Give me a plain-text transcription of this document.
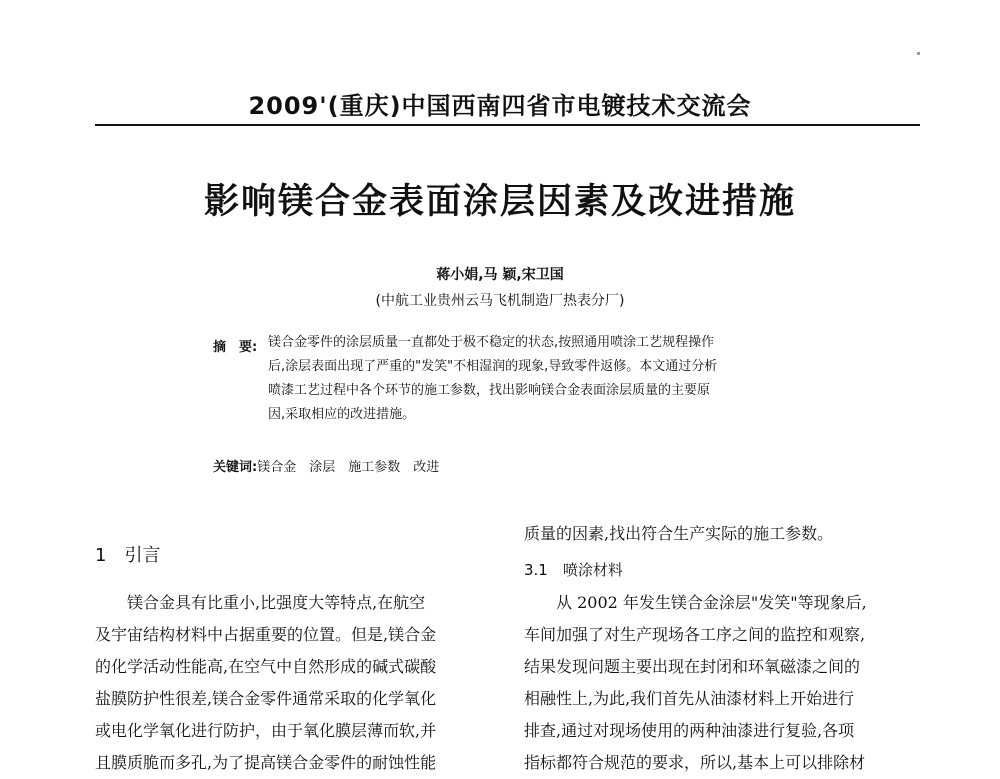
2009'(重庆)中国西南四省市电镀技术交流会
影响镁合金表面涂层因素及改进措施
蒋小娟,马 颖,宋卫国
(中航工业贵州云马飞机制造厂热表分厂)
摘　要: 镁合金零件的涂层质量一直都处于极不稳定的状态,按照通用喷涂工艺规程操作
后,涂层表面出现了严重的"发笑"不相湿润的现象,导致零件返修。本文通过分析
喷漆工艺过程中各个环节的施工参数，找出影响镁合金表面涂层质量的主要原
因,采取相应的改进措施。
关键词:镁合金　涂层　施工参数　改进
1　引言
　　镁合金具有比重小,比强度大等特点,在航空
及宇宙结构材料中占据重要的位置。但是,镁合金
的化学活动性能高,在空气中自然形成的碱式碳酸
盐膜防护性很差,镁合金零件通常采取的化学氧化
或电化学氧化进行防护，由于氧化膜层薄而软,并
且膜质脆而多孔,为了提高镁合金零件的耐蚀性能
质量的因素,找出符合生产实际的施工参数。
3.1　喷涂材料
　　从 2002 年发生镁合金涂层"发笑"等现象后,
车间加强了对生产现场各工序之间的监控和观察,
结果发现问题主要出现在封闭和环氧磁漆之间的
相融性上,为此,我们首先从油漆材料上开始进行
排查,通过对现场使用的两种油漆进行复验,各项
指标都符合规范的要求，所以,基本上可以排除材
